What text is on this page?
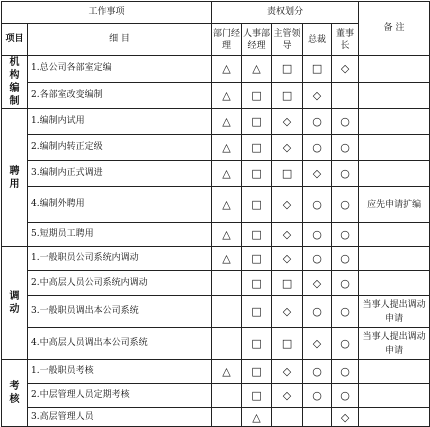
工作事项		责权划分					备 注
项目	细 目	部门经理	人事部经理	主管领导	总裁	董事长	

机
构
编
制	1.总公司各部室定编	△	△	□	□	◇	
	2.各部室改变编制	△	□	□	◇		

聘
用	1.编制内试用	△	□	◇	○	○	
	2.编制内转正定级	△	□	◇	○	○	
	3.编制内正式调进	△	□	□	◇	○	
	4.编制外聘用	△	□	◇	○	○	应先申请扩编
	5.短期员工聘用	△	□	◇	○	○	

调
动	1.一般职员公司系统内调动	△	□	◇	○	○	
	2.中高层人员公司系统内调动		□	□	◇	○	
	3.一般职员调出本公司系统		□	◇	○	○	当事人提出调动申请
	4.中高层人员调出本公司系统		□	□	◇	○	当事人提出调动申请

考
核	1.一般职员考核	△	□	◇	○	○	
	2.中层管理人员定期考核		□	◇	○	○	
	3.高层管理人员		△			◇	
